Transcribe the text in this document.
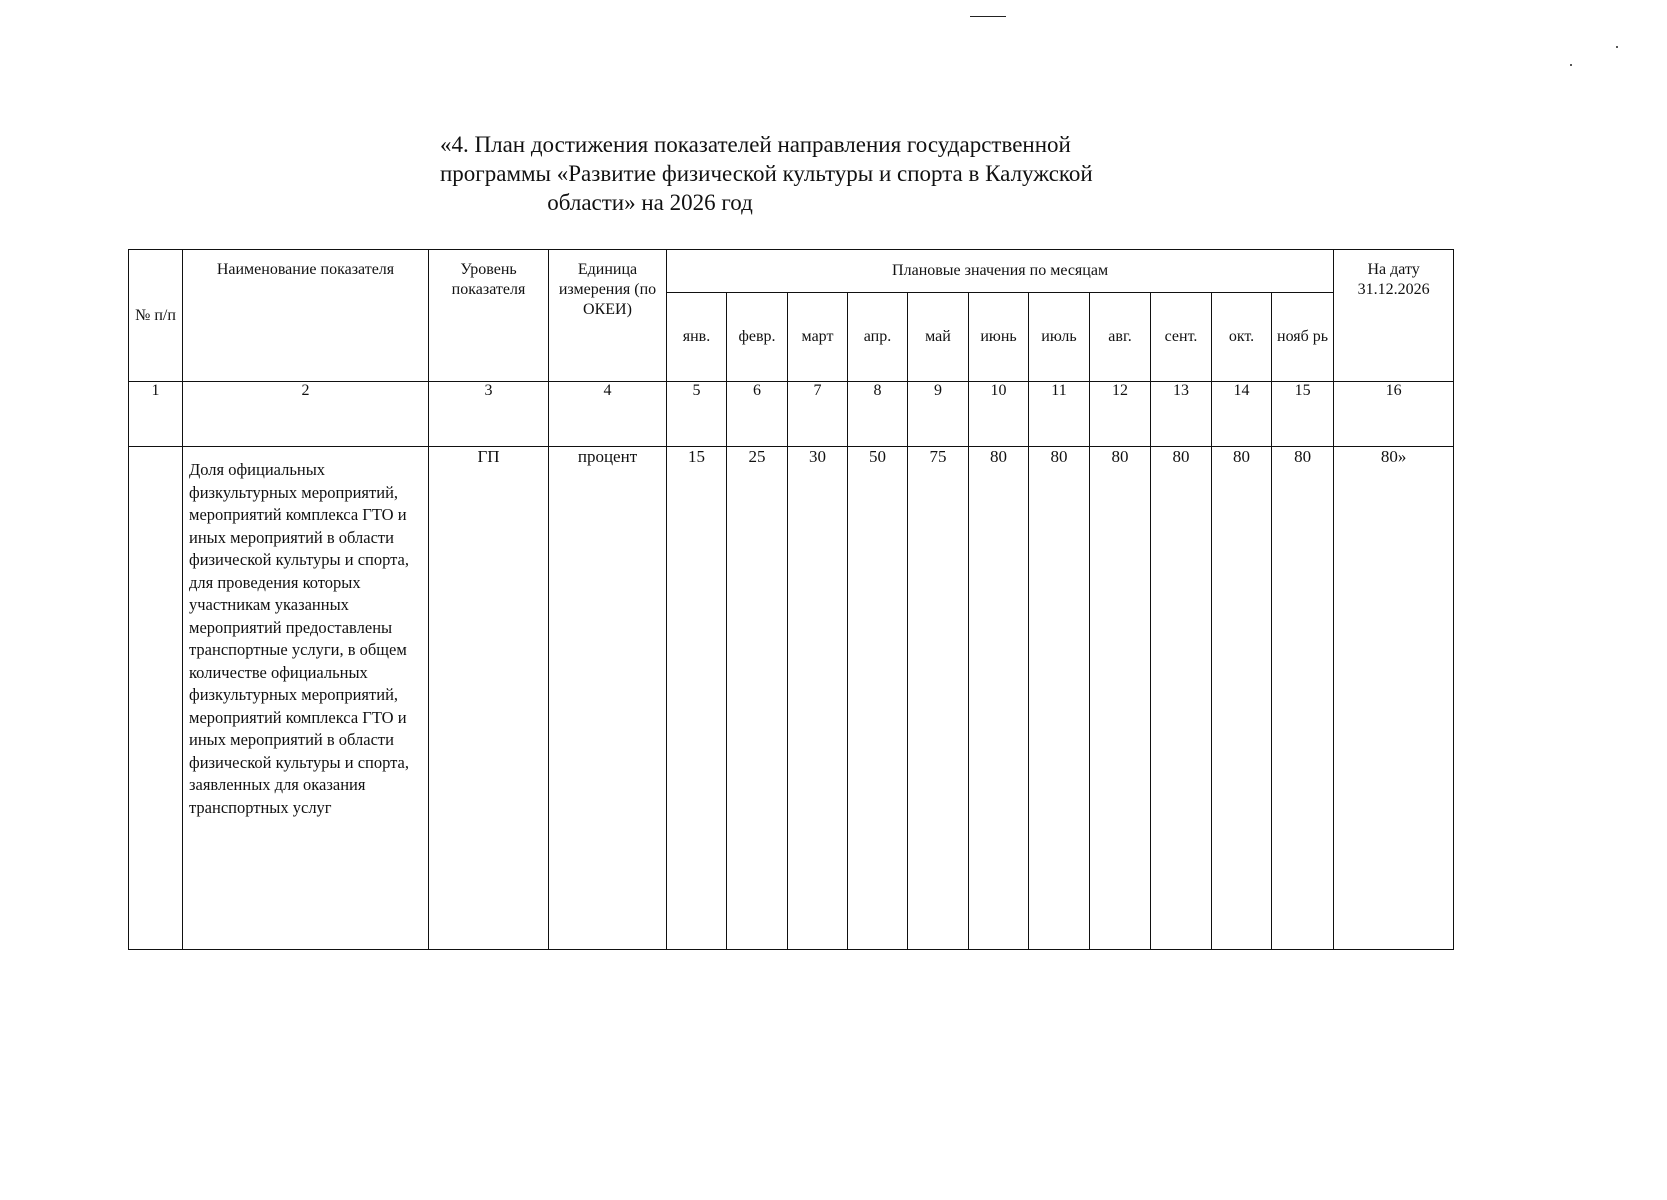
«4. План достижения показателей направления государственной
программы «Развитие физической культуры и спорта в Калужской
области» на 2026 год
№ п/п	Наименование показателя	Уровень показателя	Единица измерения (по ОКЕИ)	Плановые значения по месяцам											На дату 31.12.2026
				янв.	февр.	март	апр.	май	июнь	июль	авг.	сент.	окт.	нояб рь	
1	2	3	4	5	6	7	8	9	10	11	12	13	14	15	16
	Доля официальных физкультурных мероприятий, мероприятий комплекса ГТО и иных мероприятий в области физической культуры и спорта, для проведения которых участникам указанных мероприятий предоставлены транспортные услуги, в общем количестве официальных физкультурных мероприятий, мероприятий комплекса ГТО и иных мероприятий в области физической культуры и спорта, заявленных для оказания транспортных услуг	ГП	процент	15	25	30	50	75	80	80	80	80	80	80	80»
